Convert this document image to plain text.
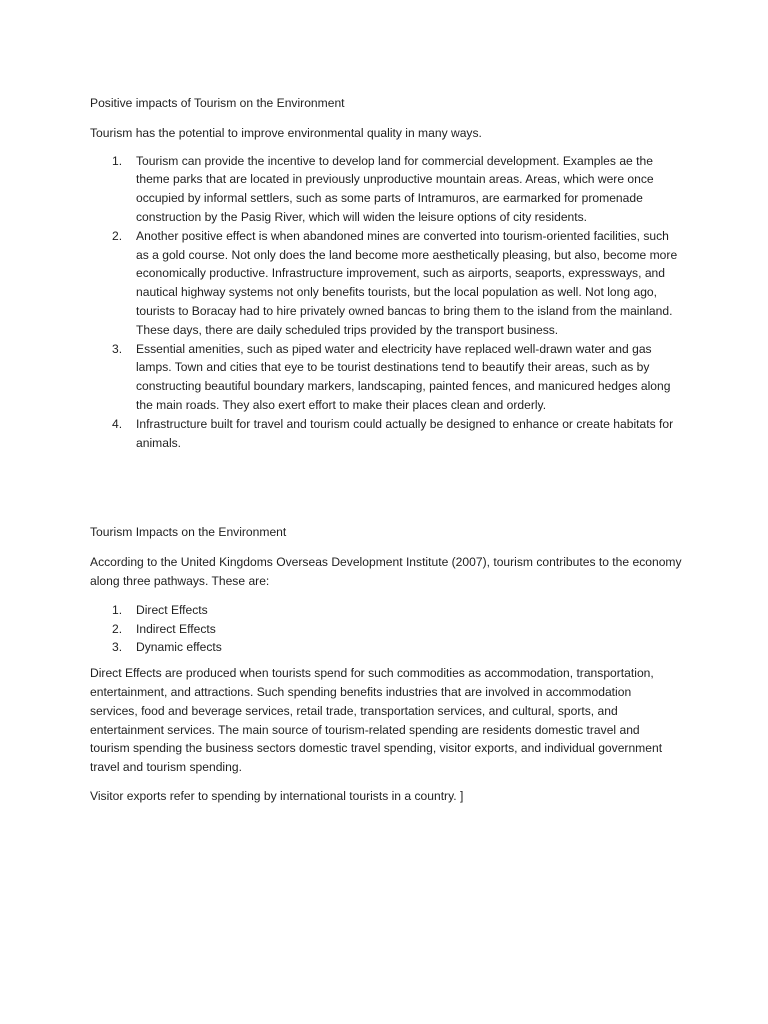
Positive impacts of Tourism on the Environment

Tourism has the potential to improve environmental quality in many ways.

1. Tourism can provide the incentive to develop land for commercial development. Examples ae the theme parks that are located in previously unproductive mountain areas. Areas, which were once occupied by informal settlers, such as some parts of Intramuros, are earmarked for promenade construction by the Pasig River, which will widen the leisure options of city residents.
2. Another positive effect is when abandoned mines are converted into tourism-oriented facilities, such as a gold course. Not only does the land become more aesthetically pleasing, but also, become more economically productive. Infrastructure improvement, such as airports, seaports, expressways, and nautical highway systems not only benefits tourists, but the local population as well. Not long ago, tourists to Boracay had to hire privately owned bancas to bring them to the island from the mainland. These days, there are daily scheduled trips provided by the transport business.
3. Essential amenities, such as piped water and electricity have replaced well-drawn water and gas lamps. Town and cities that eye to be tourist destinations tend to beautify their areas, such as by constructing beautiful boundary markers, landscaping, painted fences, and manicured hedges along the main roads. They also exert effort to make their places clean and orderly.
4. Infrastructure built for travel and tourism could actually be designed to enhance or create habitats for animals.

Tourism Impacts on the Environment

According to the United Kingdoms Overseas Development Institute (2007), tourism contributes to the economy along three pathways. These are:

1. Direct Effects
2. Indirect Effects
3. Dynamic effects

Direct Effects are produced when tourists spend for such commodities as accommodation, transportation, entertainment, and attractions. Such spending benefits industries that are involved in accommodation services, food and beverage services, retail trade, transportation services, and cultural, sports, and entertainment services. The main source of tourism-related spending are residents domestic travel and tourism spending the business sectors domestic travel spending, visitor exports, and individual government travel and tourism spending.

Visitor exports refer to spending by international tourists in a country. ]
